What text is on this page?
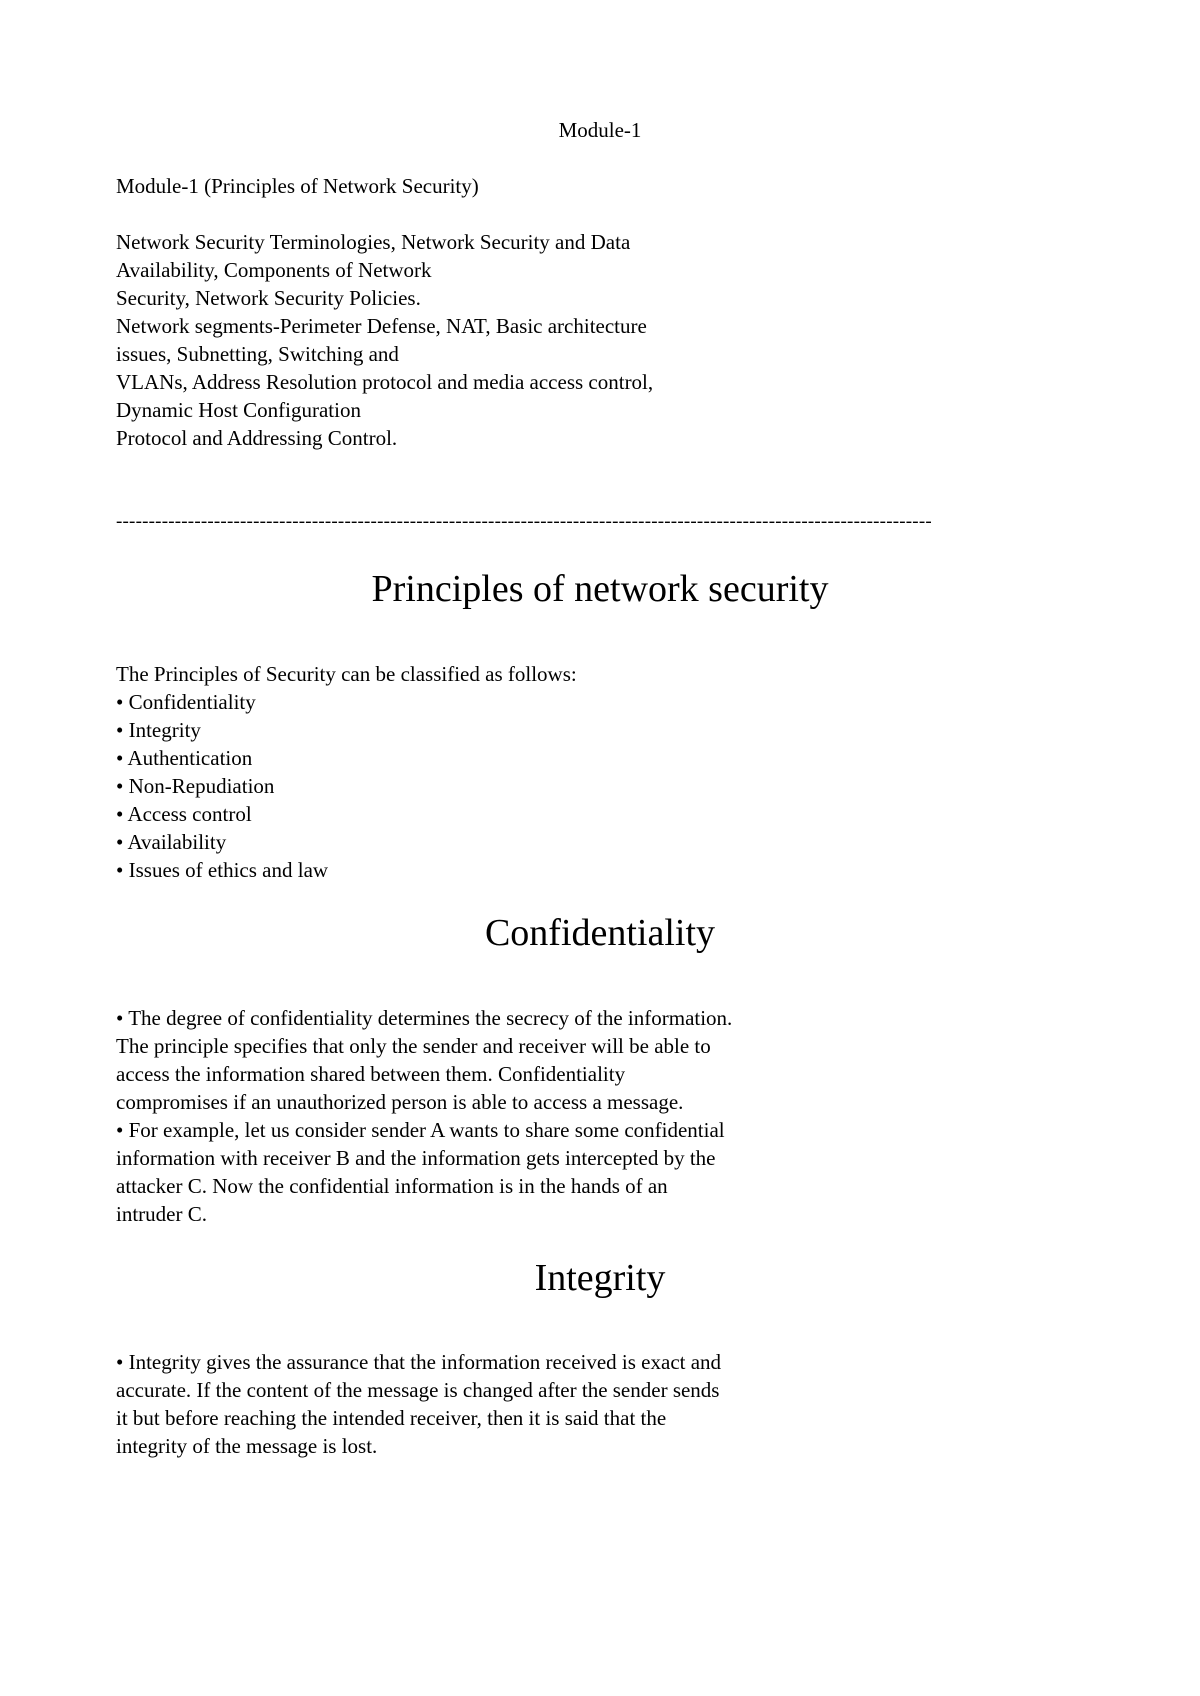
Module-1
Module-1 (Principles of Network Security)
Network Security Terminologies, Network Security and Data
Availability, Components of Network
Security, Network Security Policies.
Network segments-Perimeter Defense, NAT, Basic architecture
issues, Subnetting, Switching and
VLANs, Address Resolution protocol and media access control,
Dynamic Host Configuration
Protocol and Addressing Control.
-----------------------------------------------------------------------------------------------------------------------------
Principles of network security
The Principles of Security can be classified as follows:
• Confidentiality
• Integrity
• Authentication
• Non-Repudiation
• Access control
• Availability
• Issues of ethics and law
Confidentiality
• The degree of confidentiality determines the secrecy of the information.
The principle specifies that only the sender and receiver will be able to
access the information shared between them. Confidentiality
compromises if an unauthorized person is able to access a message.
• For example, let us consider sender A wants to share some confidential
information with receiver B and the information gets intercepted by the
attacker C. Now the confidential information is in the hands of an
intruder C.
Integrity
• Integrity gives the assurance that the information received is exact and
accurate. If the content of the message is changed after the sender sends
it but before reaching the intended receiver, then it is said that the
integrity of the message is lost.
